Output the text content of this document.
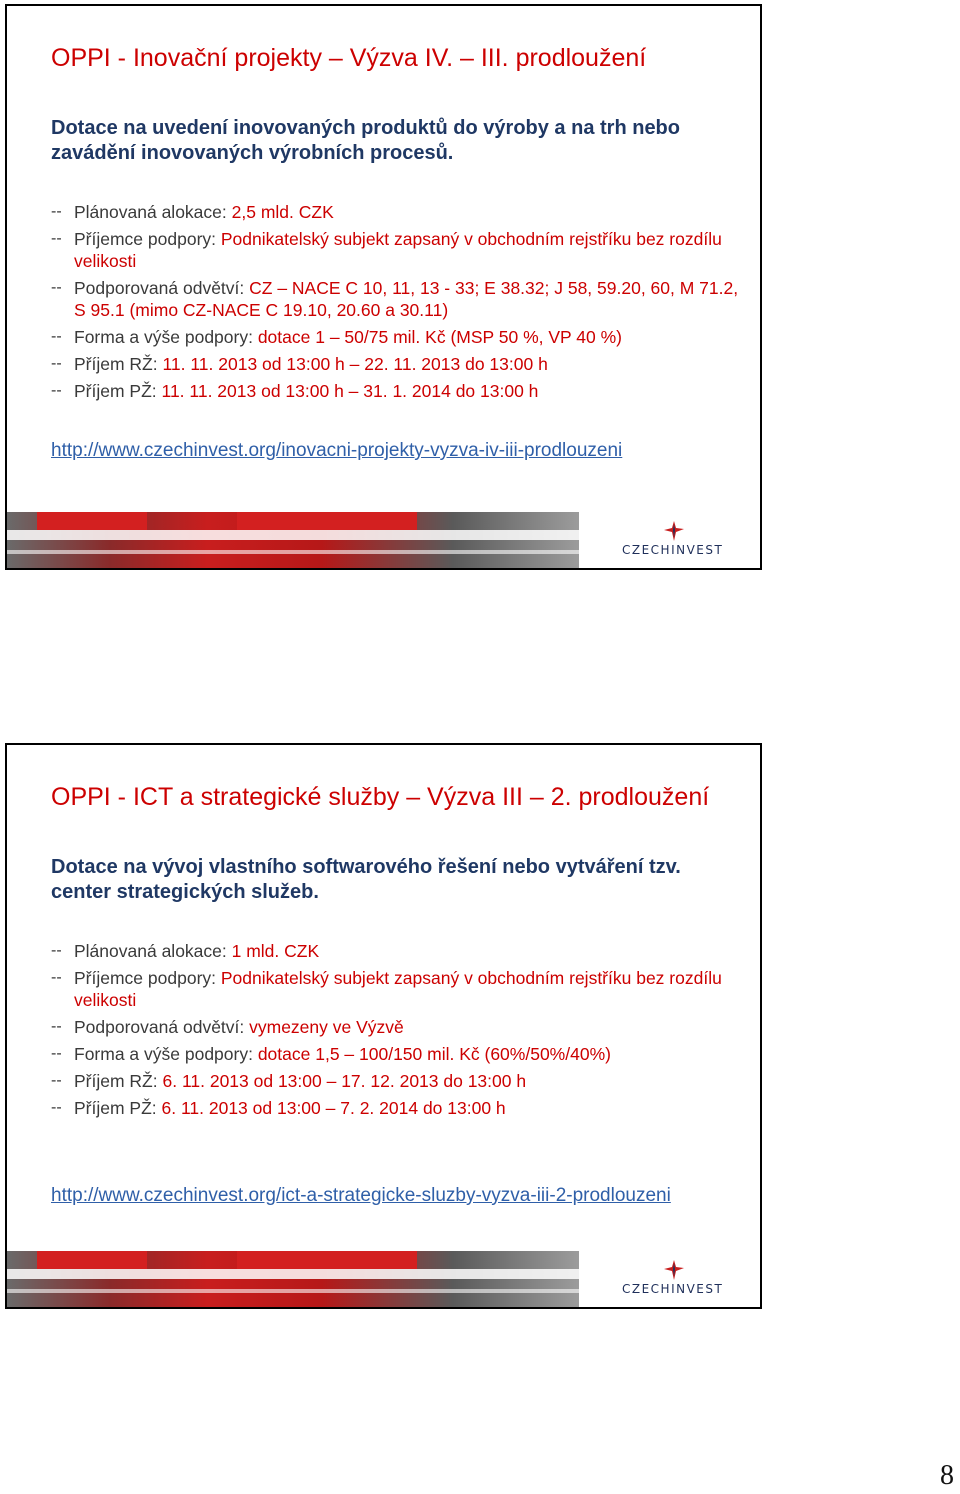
OPPI - Inovační projekty – Výzva IV. – III. prodloužení

Dotace na uvedení inovovaných produktů do výroby a na trh nebo zavádění inovovaných výrobních procesů.

-- Plánovaná alokace: 2,5 mld. CZK
-- Příjemce podpory: Podnikatelský subjekt zapsaný v obchodním rejstříku bez rozdílu velikosti
-- Podporovaná odvětví: CZ – NACE C 10, 11, 13 - 33; E 38.32; J 58, 59.20, 60, M 71.2, S 95.1 (mimo CZ-NACE C 19.10, 20.60 a 30.11)
-- Forma a výše podpory: dotace 1 – 50/75 mil. Kč (MSP 50 %, VP 40 %)
-- Příjem RŽ: 11. 11. 2013 od 13:00 h – 22. 11. 2013 do 13:00 h
-- Příjem PŽ: 11. 11. 2013 od 13:00 h – 31. 1. 2014 do 13:00 h
http://www.czechinvest.org/inovacni-projekty-vyzva-iv-iii-prodlouzeni
CZECHINVEST
OPPI - ICT a strategické služby – Výzva III – 2. prodloužení

Dotace na vývoj vlastního softwarového řešení nebo vytváření tzv. center strategických služeb.

-- Plánovaná alokace: 1 mld. CZK
-- Příjemce podpory: Podnikatelský subjekt zapsaný v obchodním rejstříku bez rozdílu velikosti
-- Podporovaná odvětví: vymezeny ve Výzvě
-- Forma a výše podpory: dotace 1,5 – 100/150 mil. Kč (60%/50%/40%)
-- Příjem RŽ: 6. 11. 2013 od 13:00 – 17. 12. 2013 do 13:00 h
-- Příjem PŽ: 6. 11. 2013 od 13:00 – 7. 2. 2014 do 13:00 h
http://www.czechinvest.org/ict-a-strategicke-sluzby-vyzva-iii-2-prodlouzeni
CZECHINVEST
8
